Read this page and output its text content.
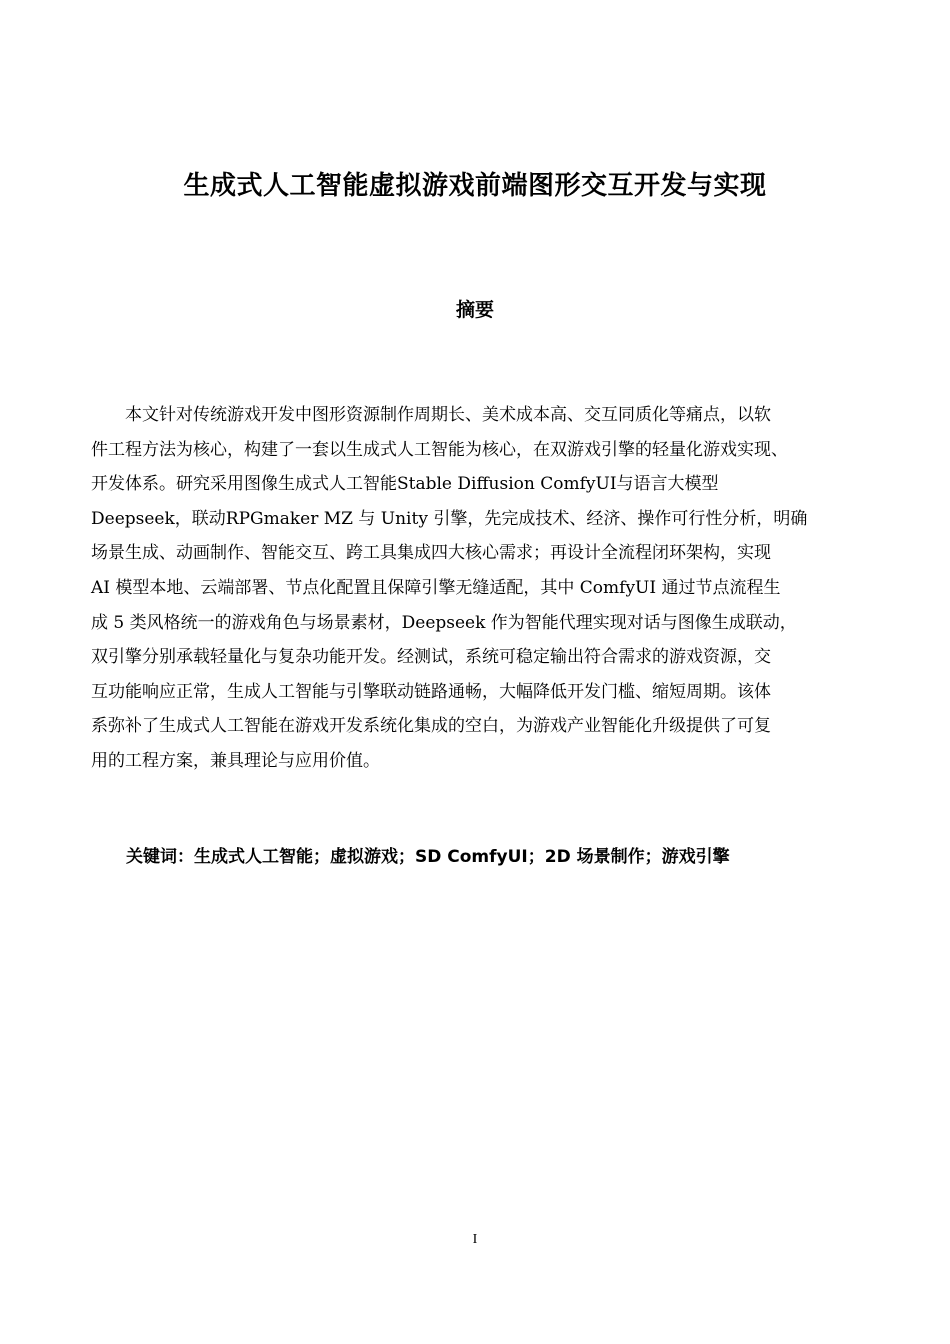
生成式人工智能虚拟游戏前端图形交互开发与实现
摘要
本文针对传统游戏开发中图形资源制作周期长、美术成本高、交互同质化等痛点，以软
件工程方法为核心，构建了一套以生成式人工智能为核心，在双游戏引擎的轻量化游戏实现、
开发体系。研究采用图像生成式人工智能Stable Diffusion ComfyUI与语言大模型
Deepseek，联动RPGmaker MZ 与 Unity 引擎，先完成技术、经济、操作可行性分析，明确
场景生成、动画制作、智能交互、跨工具集成四大核心需求；再设计全流程闭环架构，实现
AI 模型本地、云端部署、节点化配置且保障引擎无缝适配，其中 ComfyUI 通过节点流程生
成 5 类风格统一的游戏角色与场景素材，Deepseek 作为智能代理实现对话与图像生成联动，
双引擎分别承载轻量化与复杂功能开发。经测试，系统可稳定输出符合需求的游戏资源，交
互功能响应正常，生成人工智能与引擎联动链路通畅，大幅降低开发门槛、缩短周期。该体
系弥补了生成式人工智能在游戏开发系统化集成的空白，为游戏产业智能化升级提供了可复
用的工程方案，兼具理论与应用价值。
关键词：生成式人工智能；虚拟游戏；SD ComfyUI；2D 场景制作；游戏引擎
I
